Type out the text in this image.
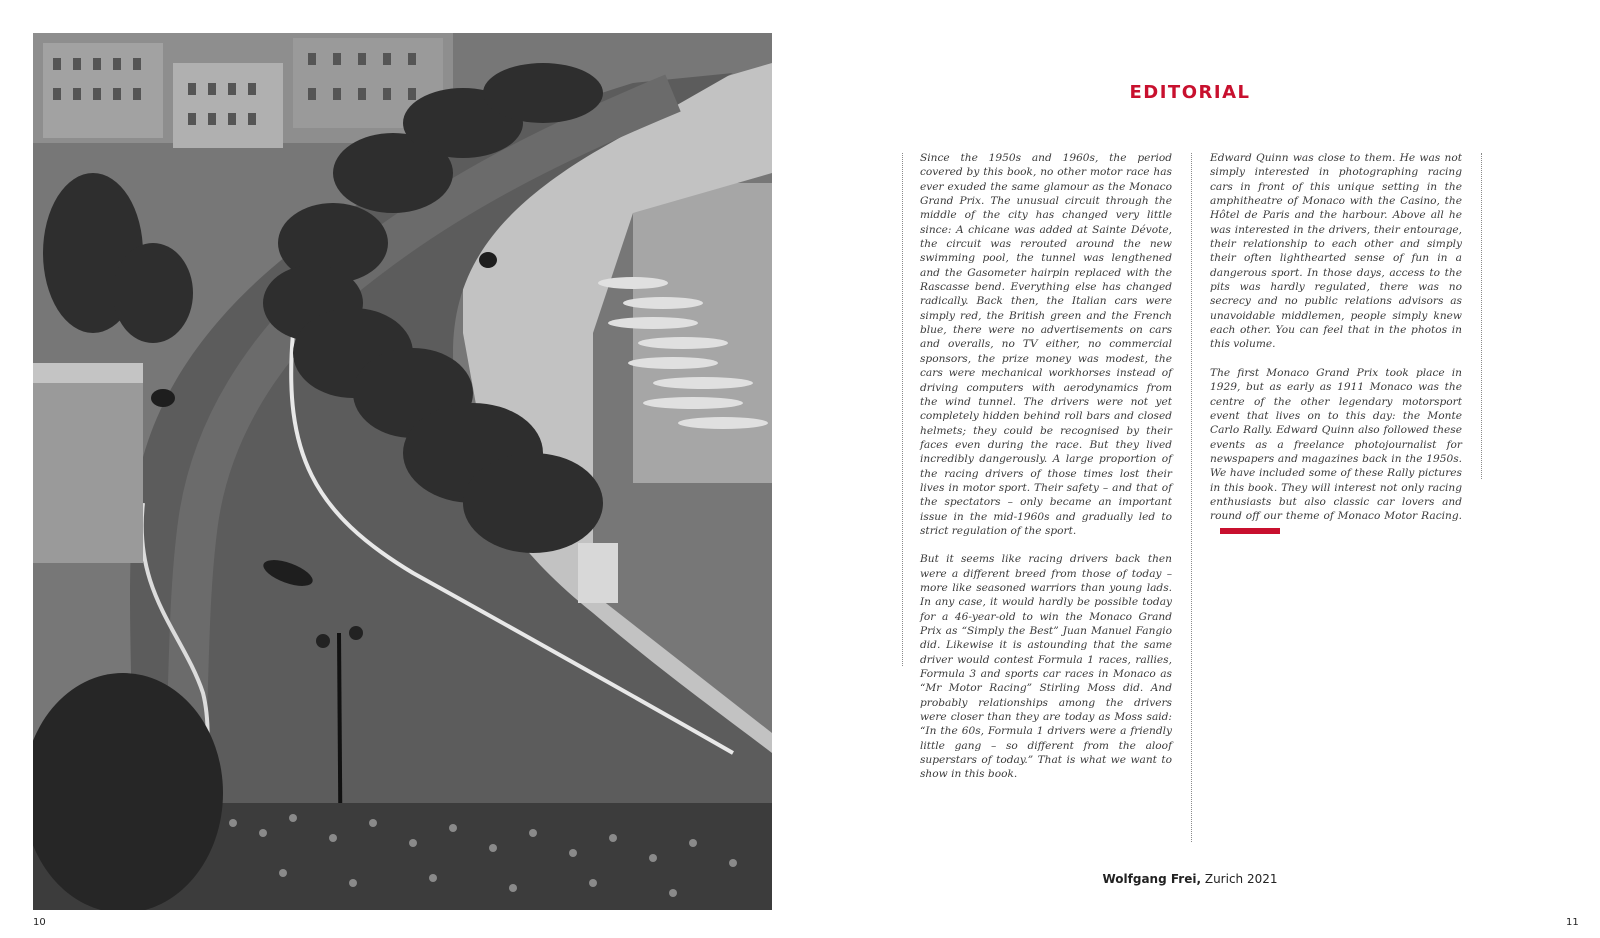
10
EDITORIAL

Since the 1950s and 1960s, the period covered by this book, no other motor race has ever exuded the same glamour as the Monaco Grand Prix. The unusual circuit through the middle of the city has changed very little since: A chicane was added at Sainte Dévote, the circuit was rerouted around the new swimming pool, the tunnel was lengthened and the Gasometer hairpin replaced with the Rascasse bend. Everything else has changed radically. Back then, the Italian cars were simply red, the British green and the French blue, there were no advertisements on cars and overalls, no TV either, no commercial sponsors, the prize money was modest, the cars were mechanical workhorses instead of driving computers with aerodynamics from the wind tunnel. The drivers were not yet completely hidden behind roll bars and closed helmets; they could be recognised by their faces even during the race. But they lived incredibly dangerously. A large proportion of the racing drivers of those times lost their lives in motor sport. Their safety – and that of the spectators – only became an important issue in the mid-1960s and gradually led to strict regulation of the sport.

But it seems like racing drivers back then were a different breed from those of today – more like seasoned warriors than young lads. In any case, it would hardly be possible today for a 46-year-old to win the Monaco Grand Prix as “Simply the Best” Juan Manuel Fangio did. Likewise it is astounding that the same driver would contest Formula 1 races, rallies, Formula 3 and sports car races in Monaco as “Mr Motor Racing” Stirling Moss did. And probably relationships among the drivers were closer than they are today as Moss said: “In the 60s, Formula 1 drivers were a friendly little gang – so different from the aloof superstars of today.” That is what we want to show in this book.

Edward Quinn was close to them. He was not simply interested in photographing racing cars in front of this unique setting in the amphitheatre of Monaco with the Casino, the Hôtel de Paris and the harbour. Above all he was interested in the drivers, their entourage, their relationship to each other and simply their often lighthearted sense of fun in a dangerous sport. In those days, access to the pits was hardly regulated, there was no secrecy and no public relations advisors as unavoidable middlemen, people simply knew each other. You can feel that in the photos in this volume.

The first Monaco Grand Prix took place in 1929, but as early as 1911 Monaco was the centre of the other legendary motorsport event that lives on to this day: the Monte Carlo Rally. Edward Quinn also followed these events as a freelance photojournalist for newspapers and magazines back in the 1950s. We have included some of these Rally pictures in this book. They will interest not only racing enthusiasts but also classic car lovers and round off our theme of Monaco Motor Racing.

Wolfgang Frei, Zurich 2021
11
